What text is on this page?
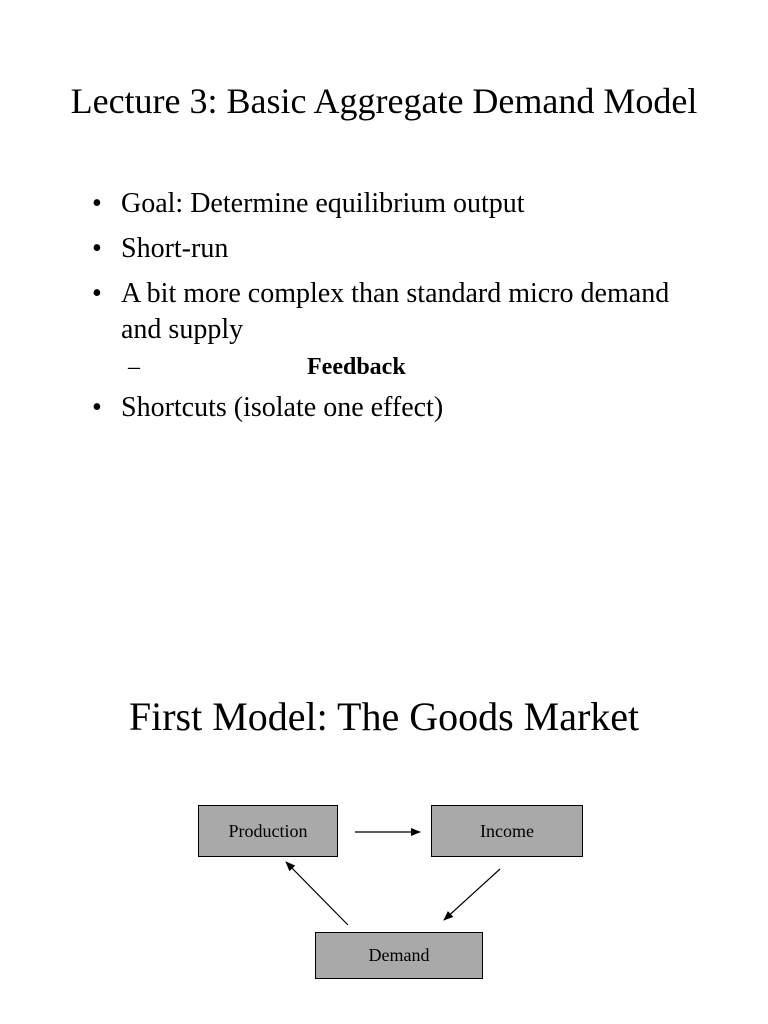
Lecture 3: Basic Aggregate Demand Model
• Goal: Determine equilibrium output
• Short-run
• A bit more complex than standard micro demand and supply
–	Feedback
• Shortcuts (isolate one effect)
First Model: The Goods Market
Production	Income
Demand
